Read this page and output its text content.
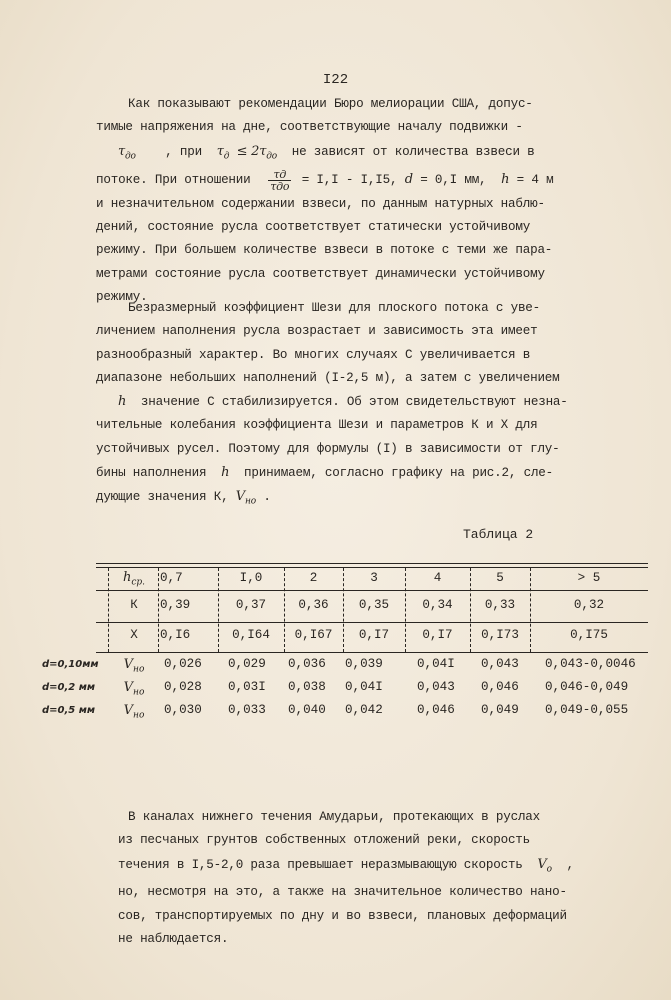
I22
Как показывают рекомендации Бюро мелиорации США, допус-
тимые напряжения на дне, соответствующие началу подвижки -
$\tau_{до}$ , при $\tau_д \le 2\tau_{до}$ не зависят от количества взвеси в
потоке. При отношении $\frac{\tau д}{\text{τдо}} = I,I - I,I5$, d = 0,I мм, h = 4 м
и незначительном содержании взвеси, по данным натурных наблю-
дений, состояние русла соответствует статически устойчивому
режиму. При большем количестве взвеси в потоке с теми же пара-
метрами состояние русла соответствует динамически устойчивому
режиму.
Безразмерный коэффициент Шези для плоского потока с уве-
личением наполнения русла возрастает и зависимость эта имеет
разнообразный характер. Во многих случаях С увеличивается в
диапазоне небольших наполнений (I-2,5 м), а затем с увеличением
h значение С стабилизируется. Об этом свидетельствуют незна-
чительные колебания коэффициента Шези и параметров К и Х для
устойчивых русел. Поэтому для формулы (I) в зависимости от глу-
бины наполнения h принимаем, согласно графику на рис.2, сле-
дующие значения К, $V_{но}$ .
Таблица 2
$h_{ср.}$	0,7	I,0	2	3	4	5	> 5
К	0,39	0,37	0,36	0,35	0,34	0,33	0,32
Х	0,I6	0,I64	0,I67	0,I7	0,I7	0,I73	0,I75
d=0,10мм	$V_{но}$	0,026 0,029 0,036 0,039	0,04I 0,043 0,043-0,0046
d=0,2 мм	$V_{но}$	0,028 0,03I 0,038 0,04I	0,043 0,046 0,046-0,049
d=0,5 мм	$V_{но}$	0,030 0,033 0,040 0,042	0,046 0,049 0,049-0,055
В каналах нижнего течения Амударьи, протекающих в руслах
из песчаных грунтов собственных отложений реки, скорость
течения в I,5-2,0 раза превышает неразмывающую скорость $V_о$ ,
но, несмотря на это, а также на значительное количество нано-
сов, транспортируемых по дну и во взвеси, плановых деформаций
не наблюдается.
